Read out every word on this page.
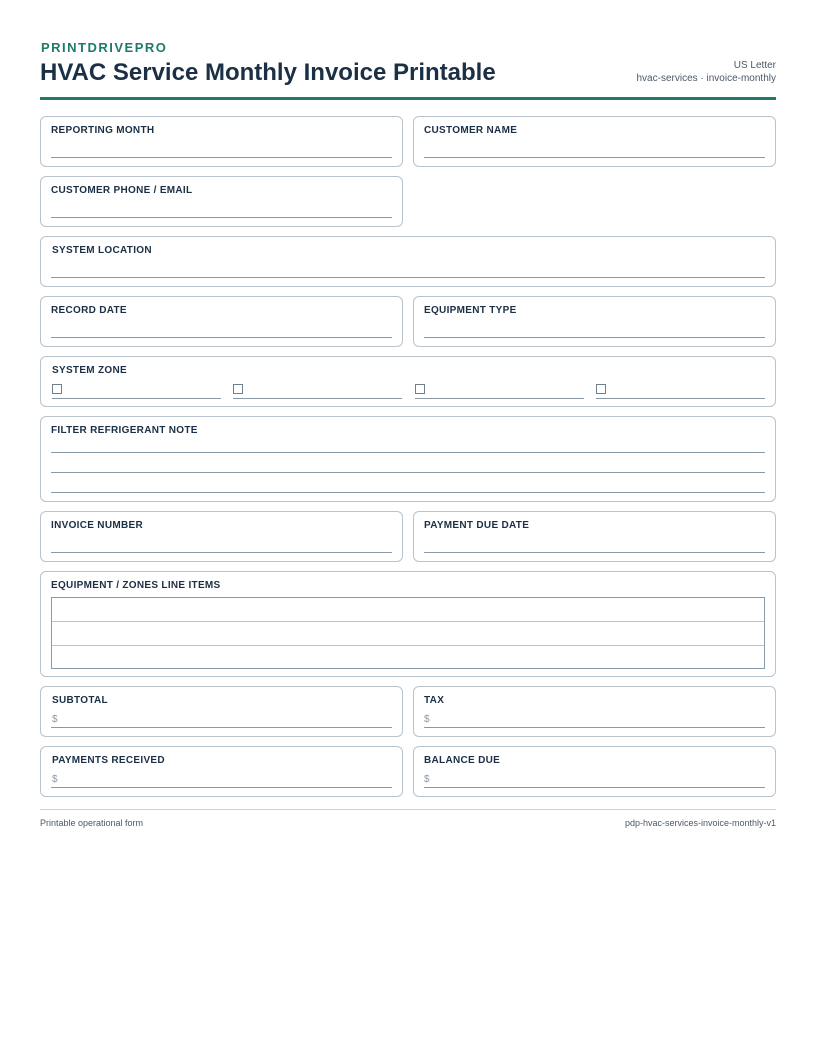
PRINTDRIVEPRO
HVAC Service Monthly Invoice Printable	US Letter
hvac-services · invoice-monthly
REPORTING MONTH	CUSTOMER NAME
CUSTOMER PHONE / EMAIL
SYSTEM LOCATION
RECORD DATE	EQUIPMENT TYPE
SYSTEM ZONE
FILTER REFRIGERANT NOTE
INVOICE NUMBER	PAYMENT DUE DATE
EQUIPMENT / ZONES LINE ITEMS
SUBTOTAL
$
TAX
$
PAYMENTS RECEIVED
$
BALANCE DUE
$
Printable operational form	pdp-hvac-services-invoice-monthly-v1
